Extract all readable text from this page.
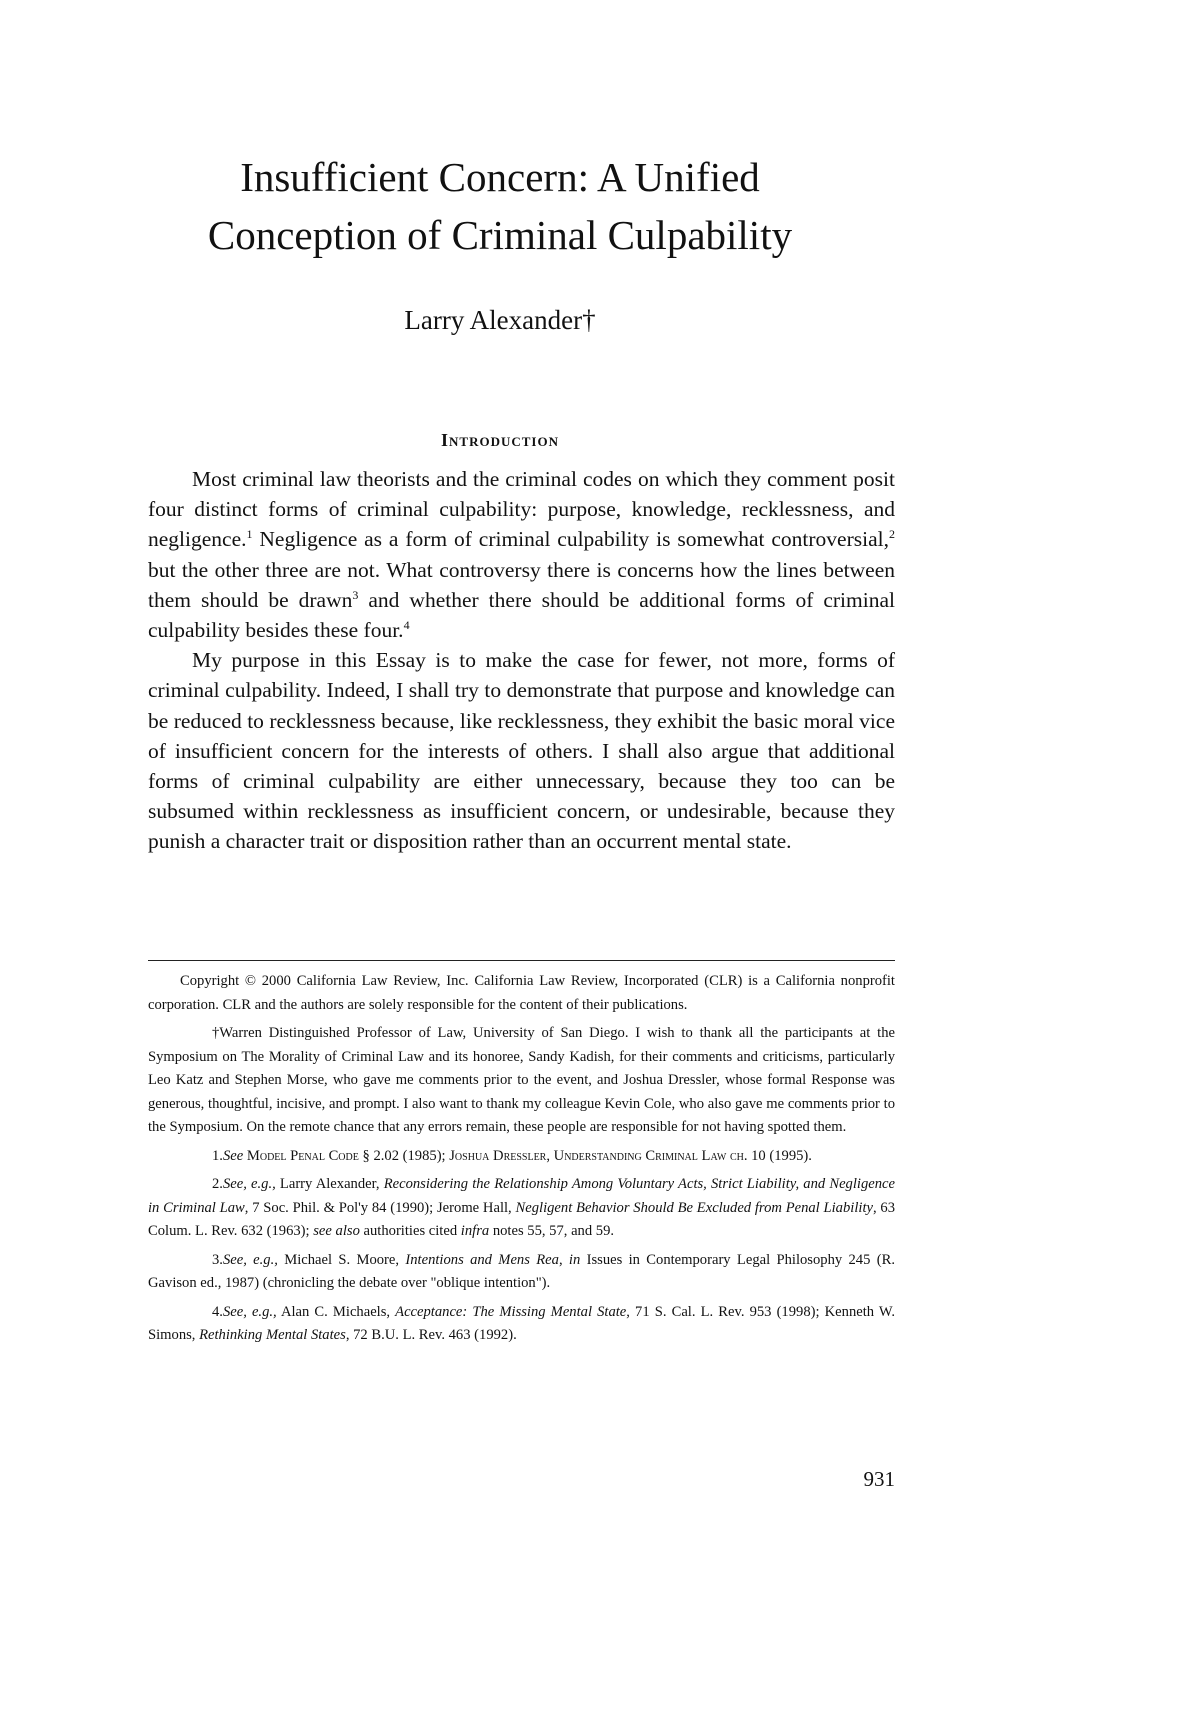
Insufficient Concern: A Unified
Conception of Criminal Culpability

Larry Alexander†

Introduction

Most criminal law theorists and the criminal codes on which they comment posit four distinct forms of criminal culpability: purpose, knowledge, recklessness, and negligence.$^1$ Negligence as a form of criminal culpability is somewhat controversial,$^2$ but the other three are not. What controversy there is concerns how the lines between them should be drawn$^3$ and whether there should be additional forms of criminal culpability besides these four.$^4$

My purpose in this Essay is to make the case for fewer, not more, forms of criminal culpability. Indeed, I shall try to demonstrate that purpose and knowledge can be reduced to recklessness because, like recklessness, they exhibit the basic moral vice of insufficient concern for the interests of others. I shall also argue that additional forms of criminal culpability are either unnecessary, because they too can be subsumed within recklessness as insufficient concern, or undesirable, because they punish a character trait or disposition rather than an occurrent mental state.

Copyright © 2000 California Law Review, Inc. California Law Review, Incorporated (CLR) is a California nonprofit corporation. CLR and the authors are solely responsible for the content of their publications.

†Warren Distinguished Professor of Law, University of San Diego. I wish to thank all the participants at the Symposium on The Morality of Criminal Law and its honoree, Sandy Kadish, for their comments and criticisms, particularly Leo Katz and Stephen Morse, who gave me comments prior to the event, and Joshua Dressler, whose formal Response was generous, thoughtful, incisive, and prompt. I also want to thank my colleague Kevin Cole, who also gave me comments prior to the Symposium. On the remote chance that any errors remain, these people are responsible for not having spotted them.

1.See Model Penal Code § 2.02 (1985); Joshua Dressler, Understanding Criminal Law ch. 10 (1995).

2.See, e.g., Larry Alexander, Reconsidering the Relationship Among Voluntary Acts, Strict Liability, and Negligence in Criminal Law, 7 Soc. Phil. & Pol'y 84 (1990); Jerome Hall, Negligent Behavior Should Be Excluded from Penal Liability, 63 Colum. L. Rev. 632 (1963); see also authorities cited infra notes 55, 57, and 59.

3.See, e.g., Michael S. Moore, Intentions and Mens Rea, in Issues in Contemporary Legal Philosophy 245 (R. Gavison ed., 1987) (chronicling the debate over "oblique intention").

4.See, e.g., Alan C. Michaels, Acceptance: The Missing Mental State, 71 S. Cal. L. Rev. 953 (1998); Kenneth W. Simons, Rethinking Mental States, 72 B.U. L. Rev. 463 (1992).

931
